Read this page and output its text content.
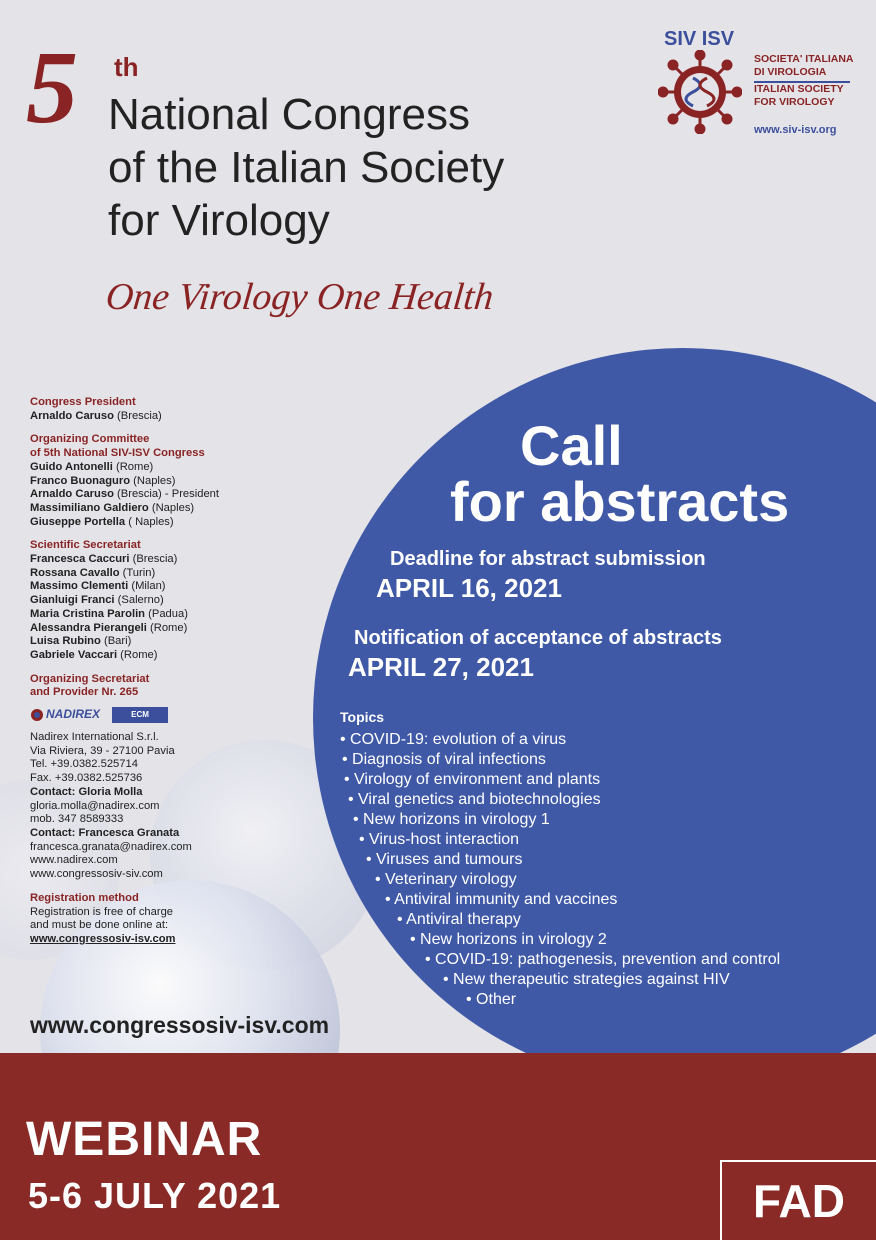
5 th
National Congress
of the Italian Society
for Virology
One Virology One Health
SIV ISV
SOCIETA' ITALIANA
DI VIROLOGIA
ITALIAN SOCIETY
FOR VIROLOGY
www.siv-isv.org
Congress President
Arnaldo Caruso (Brescia)
Organizing Committee
of 5th National SIV-ISV Congress
Guido Antonelli (Rome)
Franco Buonaguro (Naples)
Arnaldo Caruso (Brescia) - President
Massimiliano Galdiero (Naples)
Giuseppe Portella ( Naples)
Scientific Secretariat
Francesca Caccuri (Brescia)
Rossana Cavallo (Turin)
Massimo Clementi (Milan)
Gianluigi Franci (Salerno)
Maria Cristina Parolin (Padua)
Alessandra Pierangeli (Rome)
Luisa Rubino (Bari)
Gabriele Vaccari (Rome)
Organizing Secretariat
and Provider Nr. 265
NADIREX	ECM
Nadirex International S.r.l.
Via Riviera, 39 - 27100 Pavia
Tel. +39.0382.525714
Fax. +39.0382.525736
Contact: Gloria Molla
gloria.molla@nadirex.com
mob. 347 8589333
Contact: Francesca Granata
francesca.granata@nadirex.com
www.nadirex.com
www.congressosiv-siv.com
Registration method
Registration is free of charge
and must be done online at:
www.congressosiv-isv.com
www.congressosiv-isv.com
Call
for abstracts
Deadline for abstract submission
APRIL 16, 2021
Notification of acceptance of abstracts
APRIL 27, 2021
Topics
• COVID-19: evolution of a virus
• Diagnosis of viral infections
• Virology of environment and plants
• Viral genetics and biotechnologies
• New horizons in virology 1
• Virus-host interaction
• Viruses and tumours
• Veterinary virology
• Antiviral immunity and vaccines
• Antiviral therapy
• New horizons in virology 2
• COVID-19: pathogenesis, prevention and control
• New therapeutic strategies against HIV
• Other
WEBINAR
5-6 JULY 2021	FAD
